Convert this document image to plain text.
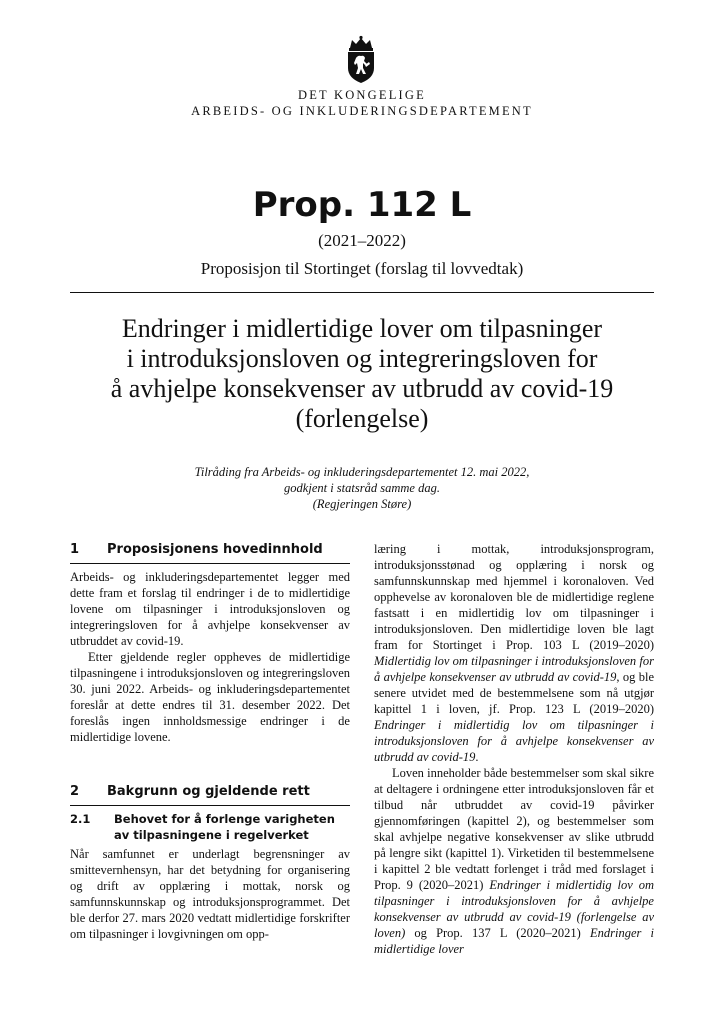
DET KONGELIGE
ARBEIDS- OG INKLUDERINGSDEPARTEMENT
Prop. 112 L
(2021–2022)
Proposisjon til Stortinget (forslag til lovvedtak)
Endringer i midlertidige lover om tilpasninger
i introduksjonsloven og integreringsloven for
å avhjelpe konsekvenser av utbrudd av covid-19
(forlengelse)
Tilråding fra Arbeids- og inkluderingsdepartementet 12. mai 2022,
godkjent i statsråd samme dag.
(Regjeringen Støre)
1	Proposisjonens hovedinnhold

Arbeids- og inkluderingsdepartementet legger med dette fram et forslag til endringer i de to midlertidige lovene om tilpasninger i introduksjonsloven og integreringsloven for å avhjelpe konsekvenser av utbruddet av covid-19.

Etter gjeldende regler oppheves de midlertidige tilpasningene i introduksjonsloven og integreringsloven 30. juni 2022. Arbeids- og inkluderingsdepartementet foreslår at dette endres til 31. desember 2022. Det foreslås ingen innholdsmessige endringer i de midlertidige lovene.

2	Bakgrunn og gjeldende rett
2.1	Behovet for å forlenge varigheten av tilpasningene i regelverket

Når samfunnet er underlagt begrensninger av smittevernhensyn, har det betydning for organisering og drift av opplæring i mottak, norsk og samfunnskunnskap og introduksjonsprogrammet. Det ble derfor 27. mars 2020 vedtatt midlertidige forskrifter om tilpasninger i lovgivningen om opp-

læring i mottak, introduksjonsprogram, introduksjonsstønad og opplæring i norsk og samfunnskunnskap med hjemmel i koronaloven. Ved opphevelse av koronaloven ble de midlertidige reglene fastsatt i en midlertidig lov om tilpasninger i introduksjonsloven. Den midlertidige loven ble lagt fram for Stortinget i Prop. 103 L (2019–2020) Midlertidig lov om tilpasninger i introduksjonsloven for å avhjelpe konsekvenser av utbrudd av covid-19, og ble senere utvidet med de bestemmelsene som nå utgjør kapittel 1 i loven, jf. Prop. 123 L (2019–2020) Endringer i midlertidig lov om tilpasninger i introduksjonsloven for å avhjelpe konsekvenser av utbrudd av covid-19.

Loven inneholder både bestemmelser som skal sikre at deltagere i ordningene etter introduksjonsloven får et tilbud når utbruddet av covid-19 påvirker gjennomføringen (kapittel 2), og bestemmelser som skal avhjelpe negative konsekvenser av slike utbrudd på lengre sikt (kapittel 1). Virketiden til bestemmelsene i kapittel 2 ble vedtatt forlenget i tråd med forslaget i Prop. 9 (2020–2021) Endringer i midlertidig lov om tilpasninger i introduksjonsloven for å avhjelpe konsekvenser av utbrudd av covid-19 (forlengelse av loven) og Prop. 137 L (2020–2021) Endringer i midlertidige lover
